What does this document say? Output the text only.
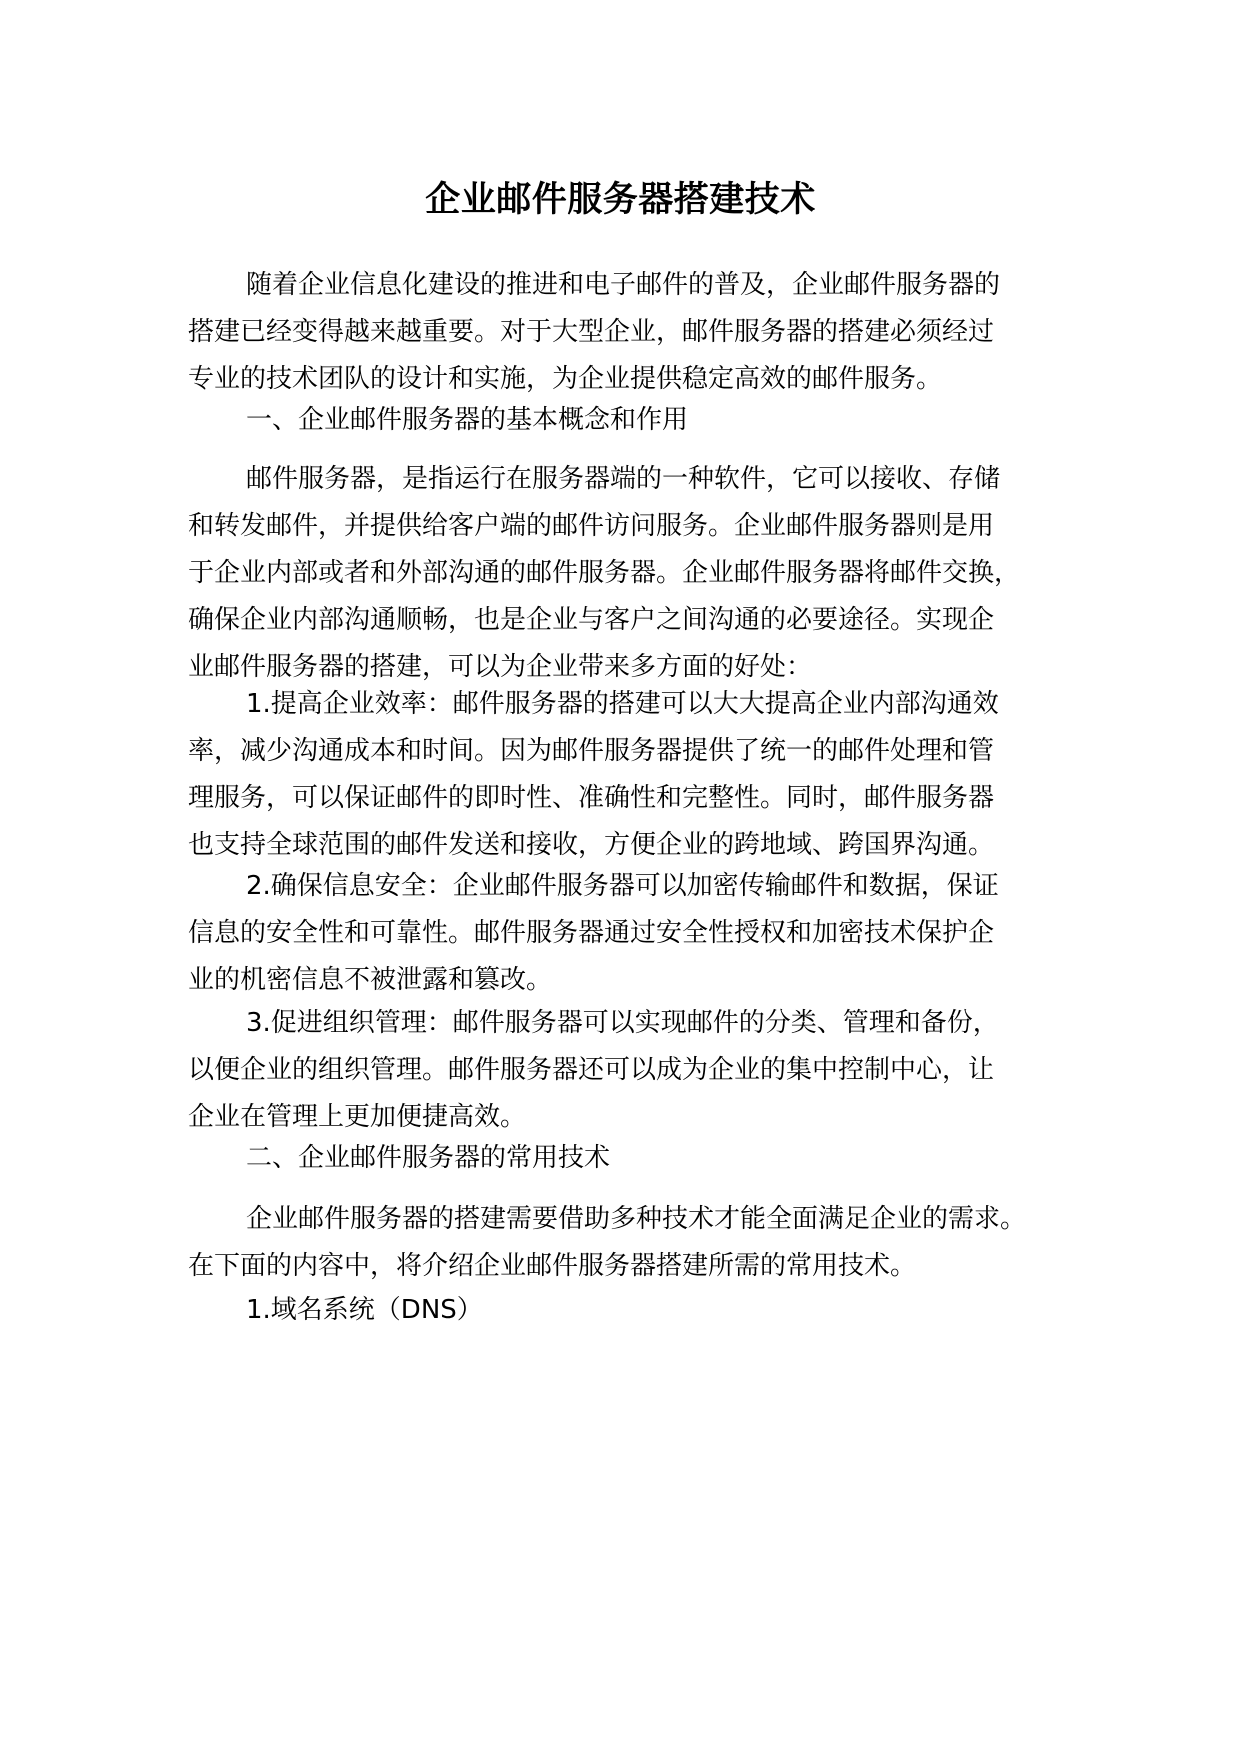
企业邮件服务器搭建技术
随着企业信息化建设的推进和电子邮件的普及，企业邮件服务器的
搭建已经变得越来越重要。对于大型企业，邮件服务器的搭建必须经过
专业的技术团队的设计和实施，为企业提供稳定高效的邮件服务。
一、企业邮件服务器的基本概念和作用
邮件服务器，是指运行在服务器端的一种软件，它可以接收、存储
和转发邮件，并提供给客户端的邮件访问服务。企业邮件服务器则是用
于企业内部或者和外部沟通的邮件服务器。企业邮件服务器将邮件交换，
确保企业内部沟通顺畅，也是企业与客户之间沟通的必要途径。实现企
业邮件服务器的搭建，可以为企业带来多方面的好处：
1.提高企业效率：邮件服务器的搭建可以大大提高企业内部沟通效
率，减少沟通成本和时间。因为邮件服务器提供了统一的邮件处理和管
理服务，可以保证邮件的即时性、准确性和完整性。同时，邮件服务器
也支持全球范围的邮件发送和接收，方便企业的跨地域、跨国界沟通。
2.确保信息安全：企业邮件服务器可以加密传输邮件和数据，保证
信息的安全性和可靠性。邮件服务器通过安全性授权和加密技术保护企
业的机密信息不被泄露和篡改。
3.促进组织管理：邮件服务器可以实现邮件的分类、管理和备份，
以便企业的组织管理。邮件服务器还可以成为企业的集中控制中心，让
企业在管理上更加便捷高效。
二、企业邮件服务器的常用技术
企业邮件服务器的搭建需要借助多种技术才能全面满足企业的需求。
在下面的内容中，将介绍企业邮件服务器搭建所需的常用技术。
1.域名系统（DNS）
